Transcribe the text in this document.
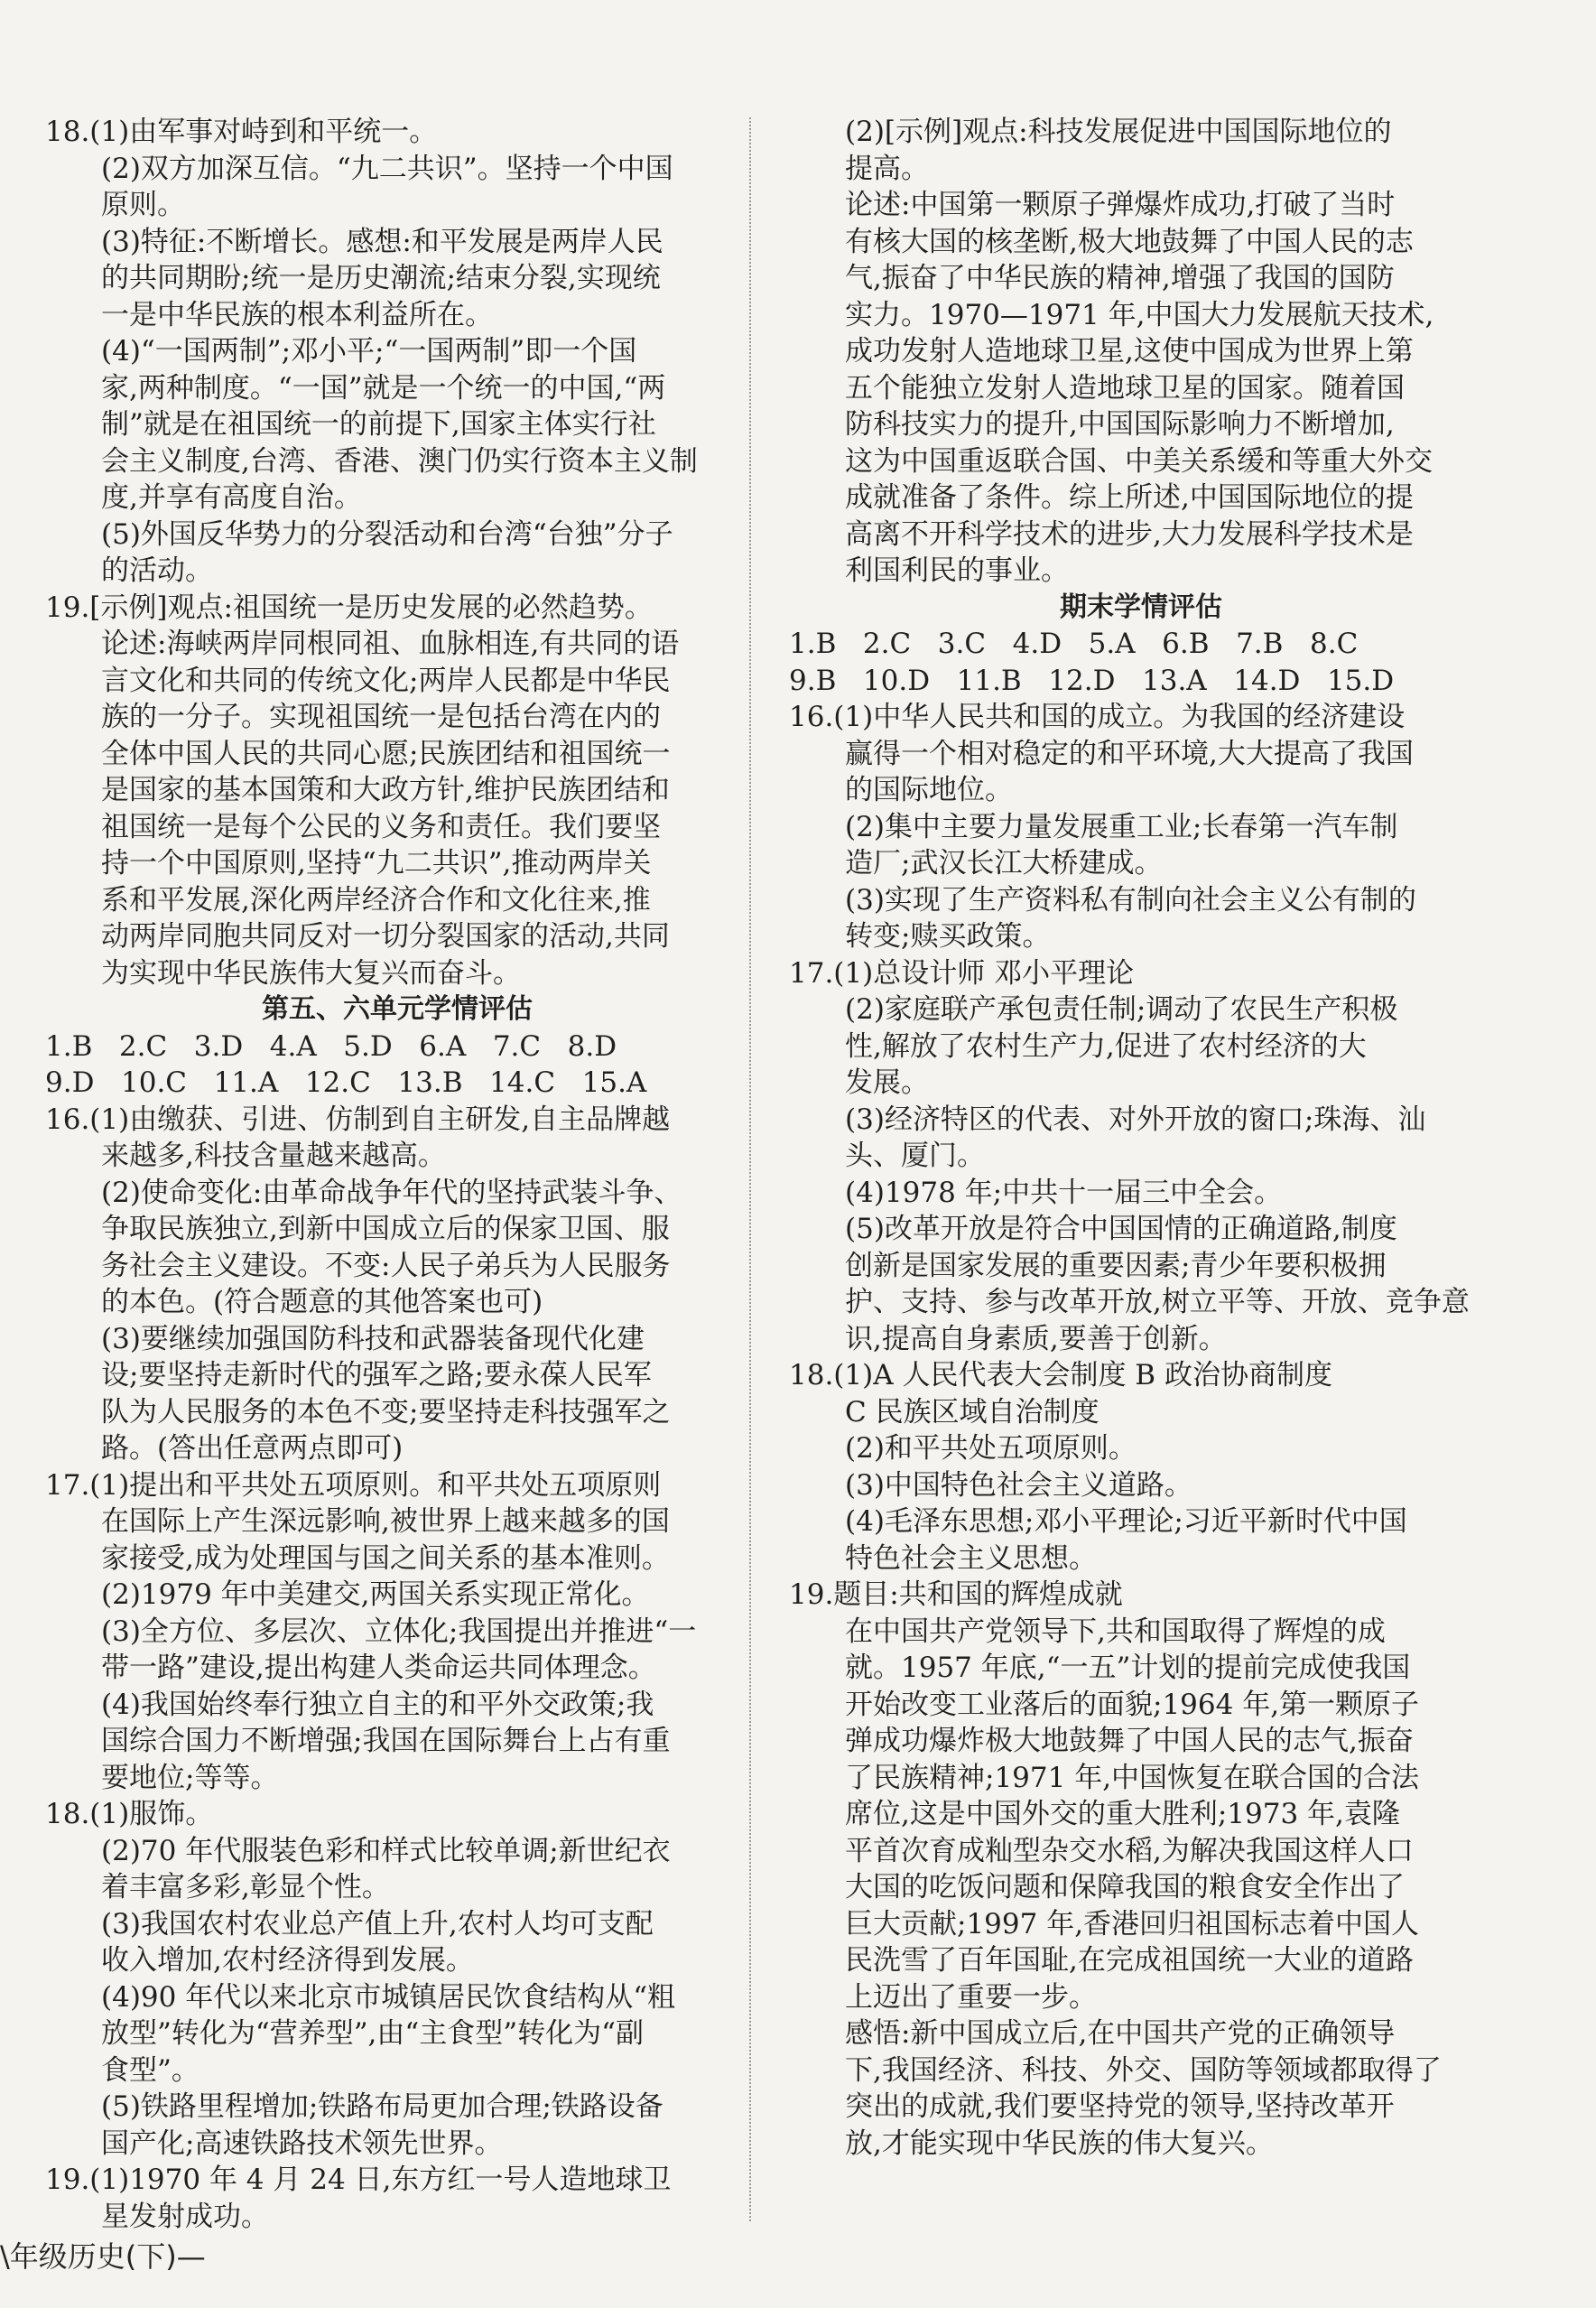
18.(1)由军事对峙到和平统一。
(2)双方加深互信。“九二共识”。坚持一个中国
原则。
(3)特征:不断增长。感想:和平发展是两岸人民
的共同期盼;统一是历史潮流;结束分裂,实现统
一是中华民族的根本利益所在。
(4)“一国两制”;邓小平;“一国两制”即一个国
家,两种制度。“一国”就是一个统一的中国,“两
制”就是在祖国统一的前提下,国家主体实行社
会主义制度,台湾、香港、澳门仍实行资本主义制
度,并享有高度自治。
(5)外国反华势力的分裂活动和台湾“台独”分子
的活动。
19.[示例]观点:祖国统一是历史发展的必然趋势。
论述:海峡两岸同根同祖、血脉相连,有共同的语
言文化和共同的传统文化;两岸人民都是中华民
族的一分子。实现祖国统一是包括台湾在内的
全体中国人民的共同心愿;民族团结和祖国统一
是国家的基本国策和大政方针,维护民族团结和
祖国统一是每个公民的义务和责任。我们要坚
持一个中国原则,坚持“九二共识”,推动两岸关
系和平发展,深化两岸经济合作和文化往来,推
动两岸同胞共同反对一切分裂国家的活动,共同
为实现中华民族伟大复兴而奋斗。
第五、六单元学情评估
1.B   2.C   3.D   4.A   5.D   6.A   7.C   8.D
9.D   10.C   11.A   12.C   13.B   14.C   15.A
16.(1)由缴获、引进、仿制到自主研发,自主品牌越
来越多,科技含量越来越高。
(2)使命变化:由革命战争年代的坚持武装斗争、
争取民族独立,到新中国成立后的保家卫国、服
务社会主义建设。不变:人民子弟兵为人民服务
的本色。(符合题意的其他答案也可)
(3)要继续加强国防科技和武器装备现代化建
设;要坚持走新时代的强军之路;要永葆人民军
队为人民服务的本色不变;要坚持走科技强军之
路。(答出任意两点即可)
17.(1)提出和平共处五项原则。和平共处五项原则
在国际上产生深远影响,被世界上越来越多的国
家接受,成为处理国与国之间关系的基本准则。
(2)1979 年中美建交,两国关系实现正常化。
(3)全方位、多层次、立体化;我国提出并推进“一
带一路”建设,提出构建人类命运共同体理念。
(4)我国始终奉行独立自主的和平外交政策;我
国综合国力不断增强;我国在国际舞台上占有重
要地位;等等。
18.(1)服饰。
(2)70 年代服装色彩和样式比较单调;新世纪衣
着丰富多彩,彰显个性。
(3)我国农村农业总产值上升,农村人均可支配
收入增加,农村经济得到发展。
(4)90 年代以来北京市城镇居民饮食结构从“粗
放型”转化为“营养型”,由“主食型”转化为“副
食型”。
(5)铁路里程增加;铁路布局更加合理;铁路设备
国产化;高速铁路技术领先世界。
19.(1)1970 年 4 月 24 日,东方红一号人造地球卫
星发射成功。
(2)[示例]观点:科技发展促进中国国际地位的
提高。
论述:中国第一颗原子弹爆炸成功,打破了当时
有核大国的核垄断,极大地鼓舞了中国人民的志
气,振奋了中华民族的精神,增强了我国的国防
实力。1970—1971 年,中国大力发展航天技术,
成功发射人造地球卫星,这使中国成为世界上第
五个能独立发射人造地球卫星的国家。随着国
防科技实力的提升,中国国际影响力不断增加,
这为中国重返联合国、中美关系缓和等重大外交
成就准备了条件。综上所述,中国国际地位的提
高离不开科学技术的进步,大力发展科学技术是
利国利民的事业。
期末学情评估
1.B   2.C   3.C   4.D   5.A   6.B   7.B   8.C
9.B   10.D   11.B   12.D   13.A   14.D   15.D
16.(1)中华人民共和国的成立。为我国的经济建设
赢得一个相对稳定的和平环境,大大提高了我国
的国际地位。
(2)集中主要力量发展重工业;长春第一汽车制
造厂;武汉长江大桥建成。
(3)实现了生产资料私有制向社会主义公有制的
转变;赎买政策。
17.(1)总设计师 邓小平理论
(2)家庭联产承包责任制;调动了农民生产积极
性,解放了农村生产力,促进了农村经济的大
发展。
(3)经济特区的代表、对外开放的窗口;珠海、汕
头、厦门。
(4)1978 年;中共十一届三中全会。
(5)改革开放是符合中国国情的正确道路,制度
创新是国家发展的重要因素;青少年要积极拥
护、支持、参与改革开放,树立平等、开放、竞争意
识,提高自身素质,要善于创新。
18.(1)A 人民代表大会制度 B 政治协商制度
C 民族区域自治制度
(2)和平共处五项原则。
(3)中国特色社会主义道路。
(4)毛泽东思想;邓小平理论;习近平新时代中国
特色社会主义思想。
19.题目:共和国的辉煌成就
在中国共产党领导下,共和国取得了辉煌的成
就。1957 年底,“一五”计划的提前完成使我国
开始改变工业落后的面貌;1964 年,第一颗原子
弹成功爆炸极大地鼓舞了中国人民的志气,振奋
了民族精神;1971 年,中国恢复在联合国的合法
席位,这是中国外交的重大胜利;1973 年,袁隆
平首次育成籼型杂交水稻,为解决我国这样人口
大国的吃饭问题和保障我国的粮食安全作出了
巨大贡献;1997 年,香港回归祖国标志着中国人
民洗雪了百年国耻,在完成祖国统一大业的道路
上迈出了重要一步。
感悟:新中国成立后,在中国共产党的正确领导
下,我国经济、科技、外交、国防等领域都取得了
突出的成就,我们要坚持党的领导,坚持改革开
放,才能实现中华民族的伟大复兴。
\年级历史(下)—
